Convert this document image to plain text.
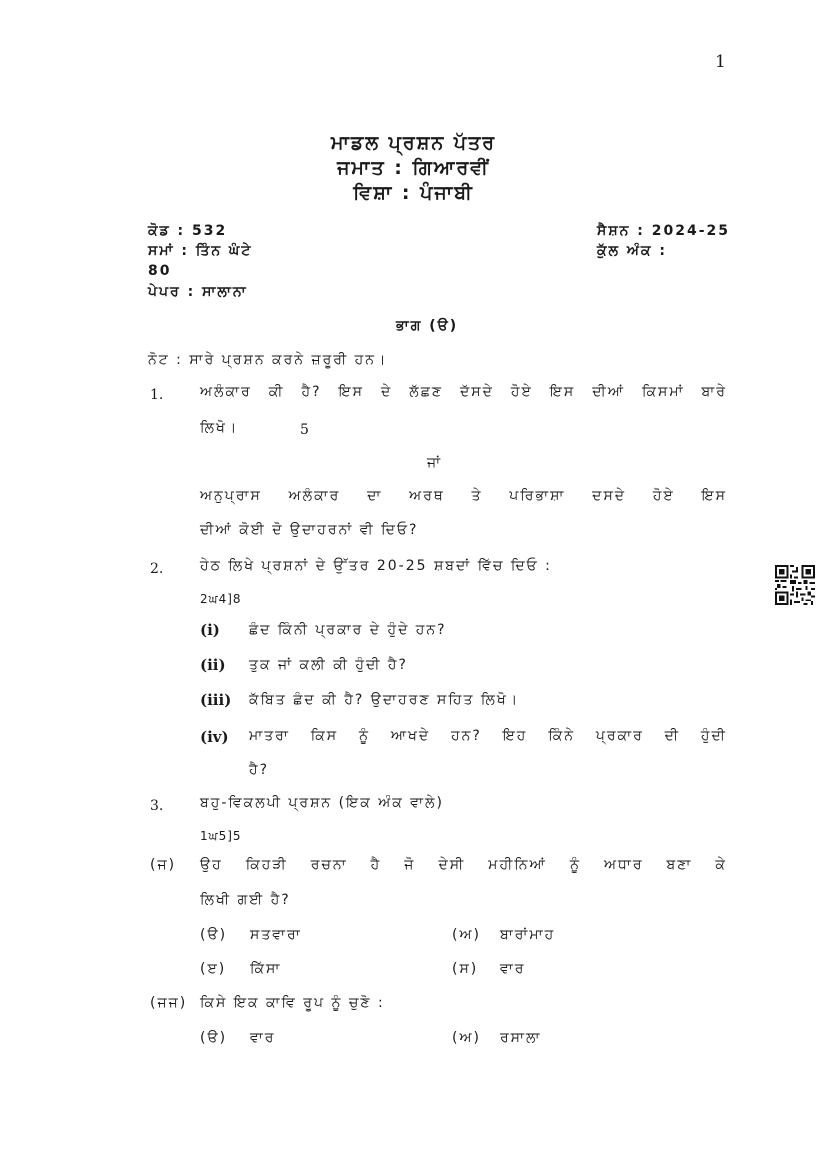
1
ਮਾਡਲ ਪ੍ਰਸ਼ਨ ਪੱਤਰ
ਜਮਾਤ : ਗਿਆਰਵੀਂ
ਵਿਸ਼ਾ : ਪੰਜਾਬੀ
ਕੋਡ : 532	ਸੈਸ਼ਨ : 2024-25
ਸਮਾਂ : ਤਿੰਨ ਘੰਟੇ	ਕੁੱਲ ਅੰਕ :
80
ਪੇਪਰ : ਸਾਲਾਨਾ
ਭਾਗ (ੳ)
ਨੋਟ : ਸਾਰੇ ਪ੍ਰਸ਼ਨ ਕਰਨੇ ਜ਼ਰੂਰੀ ਹਨ।
1.	ਅਲੰਕਾਰ ਕੀ ਹੈ? ਇਸ ਦੇ ਲੱਛਣ ਦੱਸਦੇ ਹੋਏ ਇਸ ਦੀਆਂ ਕਿਸਮਾਂ ਬਾਰੇ
ਲਿਖੋ।	5
ਜਾਂ
ਅਨੁਪ੍ਰਾਸ ਅਲੰਕਾਰ ਦਾ ਅਰਥ ਤੇ ਪਰਿਭਾਸ਼ਾ ਦਸਦੇ ਹੋਏ ਇਸ
ਦੀਆਂ ਕੋਈ ਦੋ ਉਦਾਹਰਨਾਂ ਵੀ ਦਿਓ?
2.	ਹੇਠ ਲਿਖੇ ਪ੍ਰਸ਼ਨਾਂ ਦੇ ਉੱਤਰ 20-25 ਸ਼ਬਦਾਂ ਵਿੱਚ ਦਿਓ :
2ਘ4]8
(i) ਛੰਦ ਕਿੰਨੀ ਪ੍ਰਕਾਰ ਦੇ ਹੁੰਦੇ ਹਨ?
(ii) ਤੁਕ ਜਾਂ ਕਲੀ ਕੀ ਹੁੰਦੀ ਹੈ?
(iii) ਕੱਬਿਤ ਛੰਦ ਕੀ ਹੈ? ਉਦਾਹਰਣ ਸਹਿਤ ਲਿਖੋ।
(iv) ਮਾਤਰਾ ਕਿਸ ਨੂੰ ਆਖਦੇ ਹਨ? ਇਹ ਕਿੰਨੇ ਪ੍ਰਕਾਰ ਦੀ ਹੁੰਦੀ
ਹੈ?
3.	ਬਹੁ-ਵਿਕਲਪੀ ਪ੍ਰਸ਼ਨ (ਇਕ ਅੰਕ ਵਾਲੇ)
1ਘ5]5
(ਜ) ਉਹ ਕਿਹੜੀ ਰਚਨਾ ਹੈ ਜੋ ਦੇਸੀ ਮਹੀਨਿਆਂ ਨੂੰ ਅਧਾਰ ਬਣਾ ਕੇ
ਲਿਖੀ ਗਈ ਹੈ?
(ੳ) ਸਤਵਾਰਾ	(ਅ) ਬਾਰਾਂਮਾਹ
(ੲ) ਕਿੱਸਾ	(ਸ) ਵਾਰ
(ਜਜ) ਕਿਸੇ ਇਕ ਕਾਵਿ ਰੂਪ ਨੂੰ ਚੁਣੋ :
(ੳ) ਵਾਰ	(ਅ) ਰਸਾਲਾ
